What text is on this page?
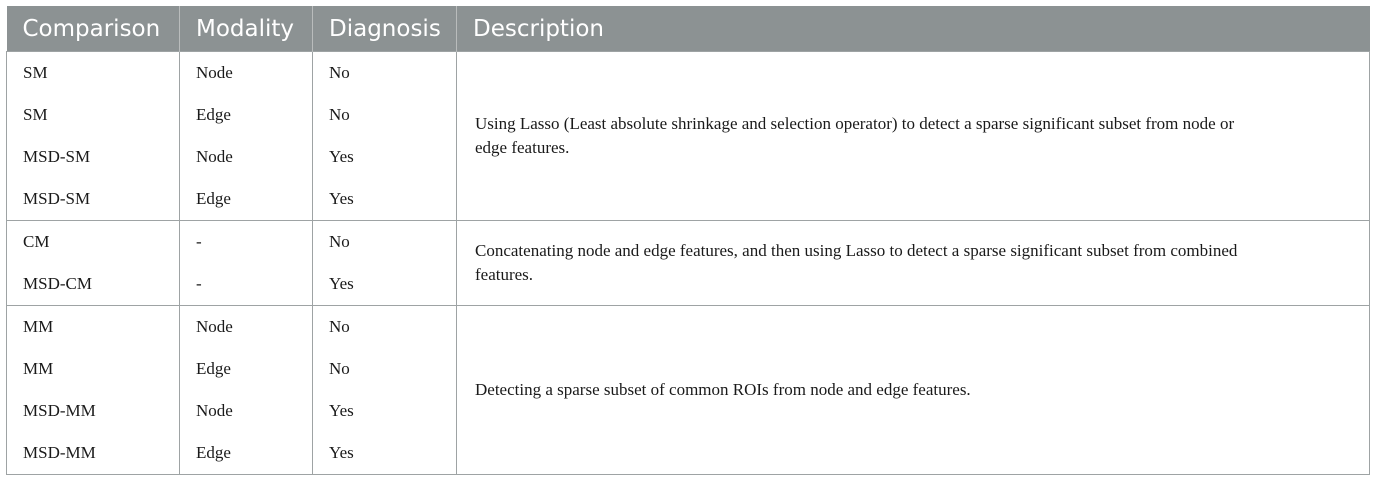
Comparison	Modality	Diagnosis	Description
SM	Node	No	Using Lasso (Least absolute shrinkage and selection operator) to detect a sparse significant subset from node or edge features.
SM	Edge	No	
MSD-SM	Node	Yes	
MSD-SM	Edge	Yes	
CM	-	No	Concatenating node and edge features, and then using Lasso to detect a sparse significant subset from combined features.
MSD-CM	-	Yes	
MM	Node	No	Detecting a sparse subset of common ROIs from node and edge features.
MM	Edge	No	
MSD-MM	Node	Yes	
MSD-MM	Edge	Yes	
